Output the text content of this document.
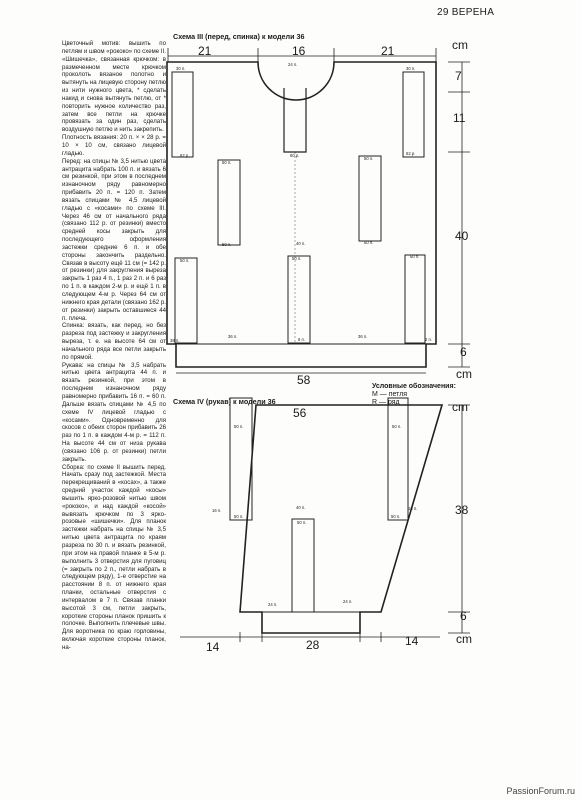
29 ВЕРЕНА

Цветочный мотив: вышить по петлям и швом «рококо» по схеме II.

«Шишечка», связанная крючком: в размеченном месте крючком проколоть вязаное полотно и вытянуть на лицевую сторону петлю из нити нужного цвета, * сделать накид и снова вытянуть петлю, от * повторить нужное количество раз, затем все петли на крючке провязать за один раз, сделать воздушную петлю и нить закрепить.

Плотность вязания: 20 п. × × 28 р. = 10 × 10 см, связано лицевой гладью.

Перед: на спицы № 3,5 нитью цвета антрацита набрать 100 п. и вязать 6 см резинкой, при этом в последнем изнаночном ряду равномерно прибавить 20 п. = 120 п. Затем вязать спицами № 4,5 лицевой гладью с «косами» по схеме III. Через 46 см от начального ряда (связано 112 р. от резинки) вместо средней косы закрыть для последующего оформления застежки средние 6 п. и обе стороны закончить раздельно. Связав в высоту ещё 11 см (= 142 р. от резинки) для закругления выреза закрыть 1 раз 4 п., 1 раз 2 п. и 6 раз по 1 п. в каждом 2-м р. и ещё 1 п. в следующем 4-м р. Через 64 см от нижнего края детали (связано 162 р. от резинки) закрыть оставшиеся 44 п. плеча.

Спинка: вязать, как перед, но без разреза под застежку и закругления выреза, т. е. на высоте 64 см от начального ряда все петли закрыть по прямой.

Рукава: на спицы № 3,5 набрать нитью цвета антрацита 44 п. и вязать резинкой, при этом в последнем изнаночном ряду равномерно прибавить 16 п. = 60 п. Дальше вязать спицами № 4,5 по схеме IV лицевой гладью с «косами». Одновременно для скосов с обеих сторон прибавить 26 раз по 1 п. в каждом 4-м р. = 112 п. На высоте 44 см от низа рукава (связано 106 р. от резинки) петли закрыть.

Сборка: по схеме II вышить перед. Начать сразу под застежкой. Места перекрещиваний в «косах», а также средний участок каждой «косы» вышить ярко-розовой нитью швом «рококо», и над каждой «косой» вывязать крючком по 3 ярко-розовые «шишечки». Для планок застежки набрать на спицы № 3,5 нитью цвета антрацита по краям разреза по 30 п. и вязать резинкой, при этом на правой планке в 5-м р. выполнить 3 отверстия для пуговиц (= закрыть по 2 п., петли набрать в следующем ряду), 1-е отверстие на расстоянии 8 п. от нижнего края планки, остальные отверстия с интервалом в 7 п. Связав планки высотой 3 см, петли закрыть, короткие стороны планок пришить к полочке. Выполнить плечевые швы. Для воротника по краю горловины, включая короткие стороны планок, на-

Схема III (перед, спинка) к модели 36
21	16	21
30 п.
24 п.
30 п.
62 р.	60 р.	62 р.
50 п.
50 п.
40 п.
50 п.	50 п.
50 п.	50 п.	50 п.
36 п.
6 п.
36 п.
38 п.	2 п.
50 п.	50 п.
16 п.	16 п.
50 п.	50 п.
40 п.
50 п.
24 п.
24 п.
cm
7
11
40
6
cm
58	Условные обозначения:
М — петля
R — ряд
Схема IV (рукав) к модели 36
56	cm
38
6
cm
14	28	14
PassionForum.ru
